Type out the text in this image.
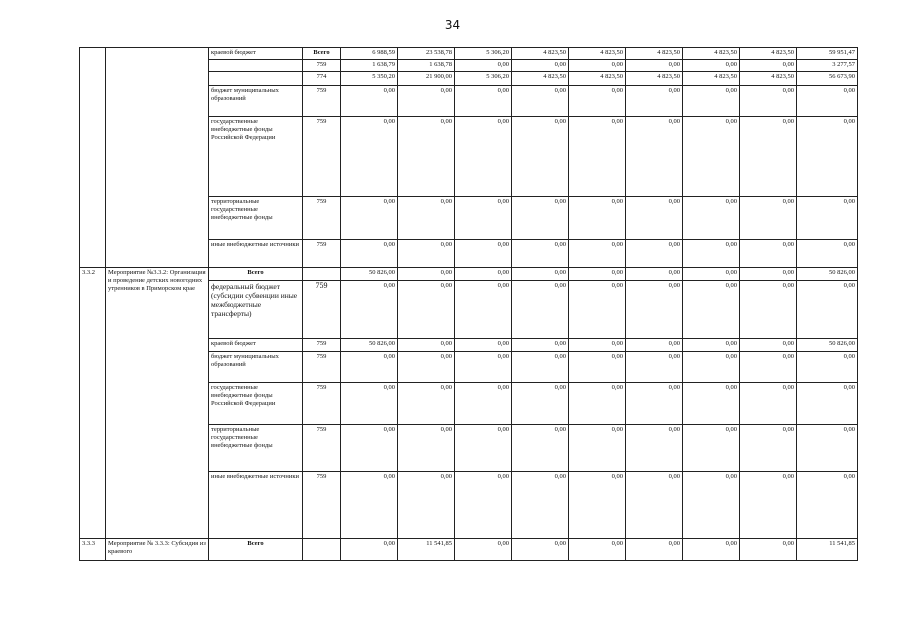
34
		краевой бюджет	Всего	6 988,59	23 538,78	5 306,20	4 823,50	4 823,50	4 823,50	4 823,50	4 823,50	59 951,47
			759	1 638,79	1 638,78	0,00	0,00	0,00	0,00	0,00	0,00	3 277,57
			774	5 350,20	21 900,00	5 306,20	4 823,50	4 823,50	4 823,50	4 823,50	4 823,50	56 673,90
		бюджет муниципальных образований	759	0,00	0,00	0,00	0,00	0,00	0,00	0,00	0,00	0,00
		государственные внебюджетные фонды Российской Федерации	759	0,00	0,00	0,00	0,00	0,00	0,00	0,00	0,00	0,00
		территориальные государственные внебюджетные фонды	759	0,00	0,00	0,00	0,00	0,00	0,00	0,00	0,00	0,00
		иные внебюджетные источники	759	0,00	0,00	0,00	0,00	0,00	0,00	0,00	0,00	0,00
3.3.2	Мероприятие №3.3.2: Организация и проведение детских новогодних утренников в Приморском крае	Всего		50 826,00	0,00	0,00	0,00	0,00	0,00	0,00	0,00	50 826,00
		федеральный бюджет (субсидии субвенции иные межбюджетные трансферты)	759	0,00	0,00	0,00	0,00	0,00	0,00	0,00	0,00	0,00
		краевой бюджет	759	50 826,00	0,00	0,00	0,00	0,00	0,00	0,00	0,00	50 826,00
		бюджет муниципальных образований	759	0,00	0,00	0,00	0,00	0,00	0,00	0,00	0,00	0,00
		государственные внебюджетные фонды Российской Федерации	759	0,00	0,00	0,00	0,00	0,00	0,00	0,00	0,00	0,00
		территориальные государственные внебюджетные фонды	759	0,00	0,00	0,00	0,00	0,00	0,00	0,00	0,00	0,00
		иные внебюджетные источники	759	0,00	0,00	0,00	0,00	0,00	0,00	0,00	0,00	0,00
3.3.3	Мероприятие № 3.3.3: Субсидия из краевого	Всего		0,00	11 541,85	0,00	0,00	0,00	0,00	0,00	0,00	11 541,85
